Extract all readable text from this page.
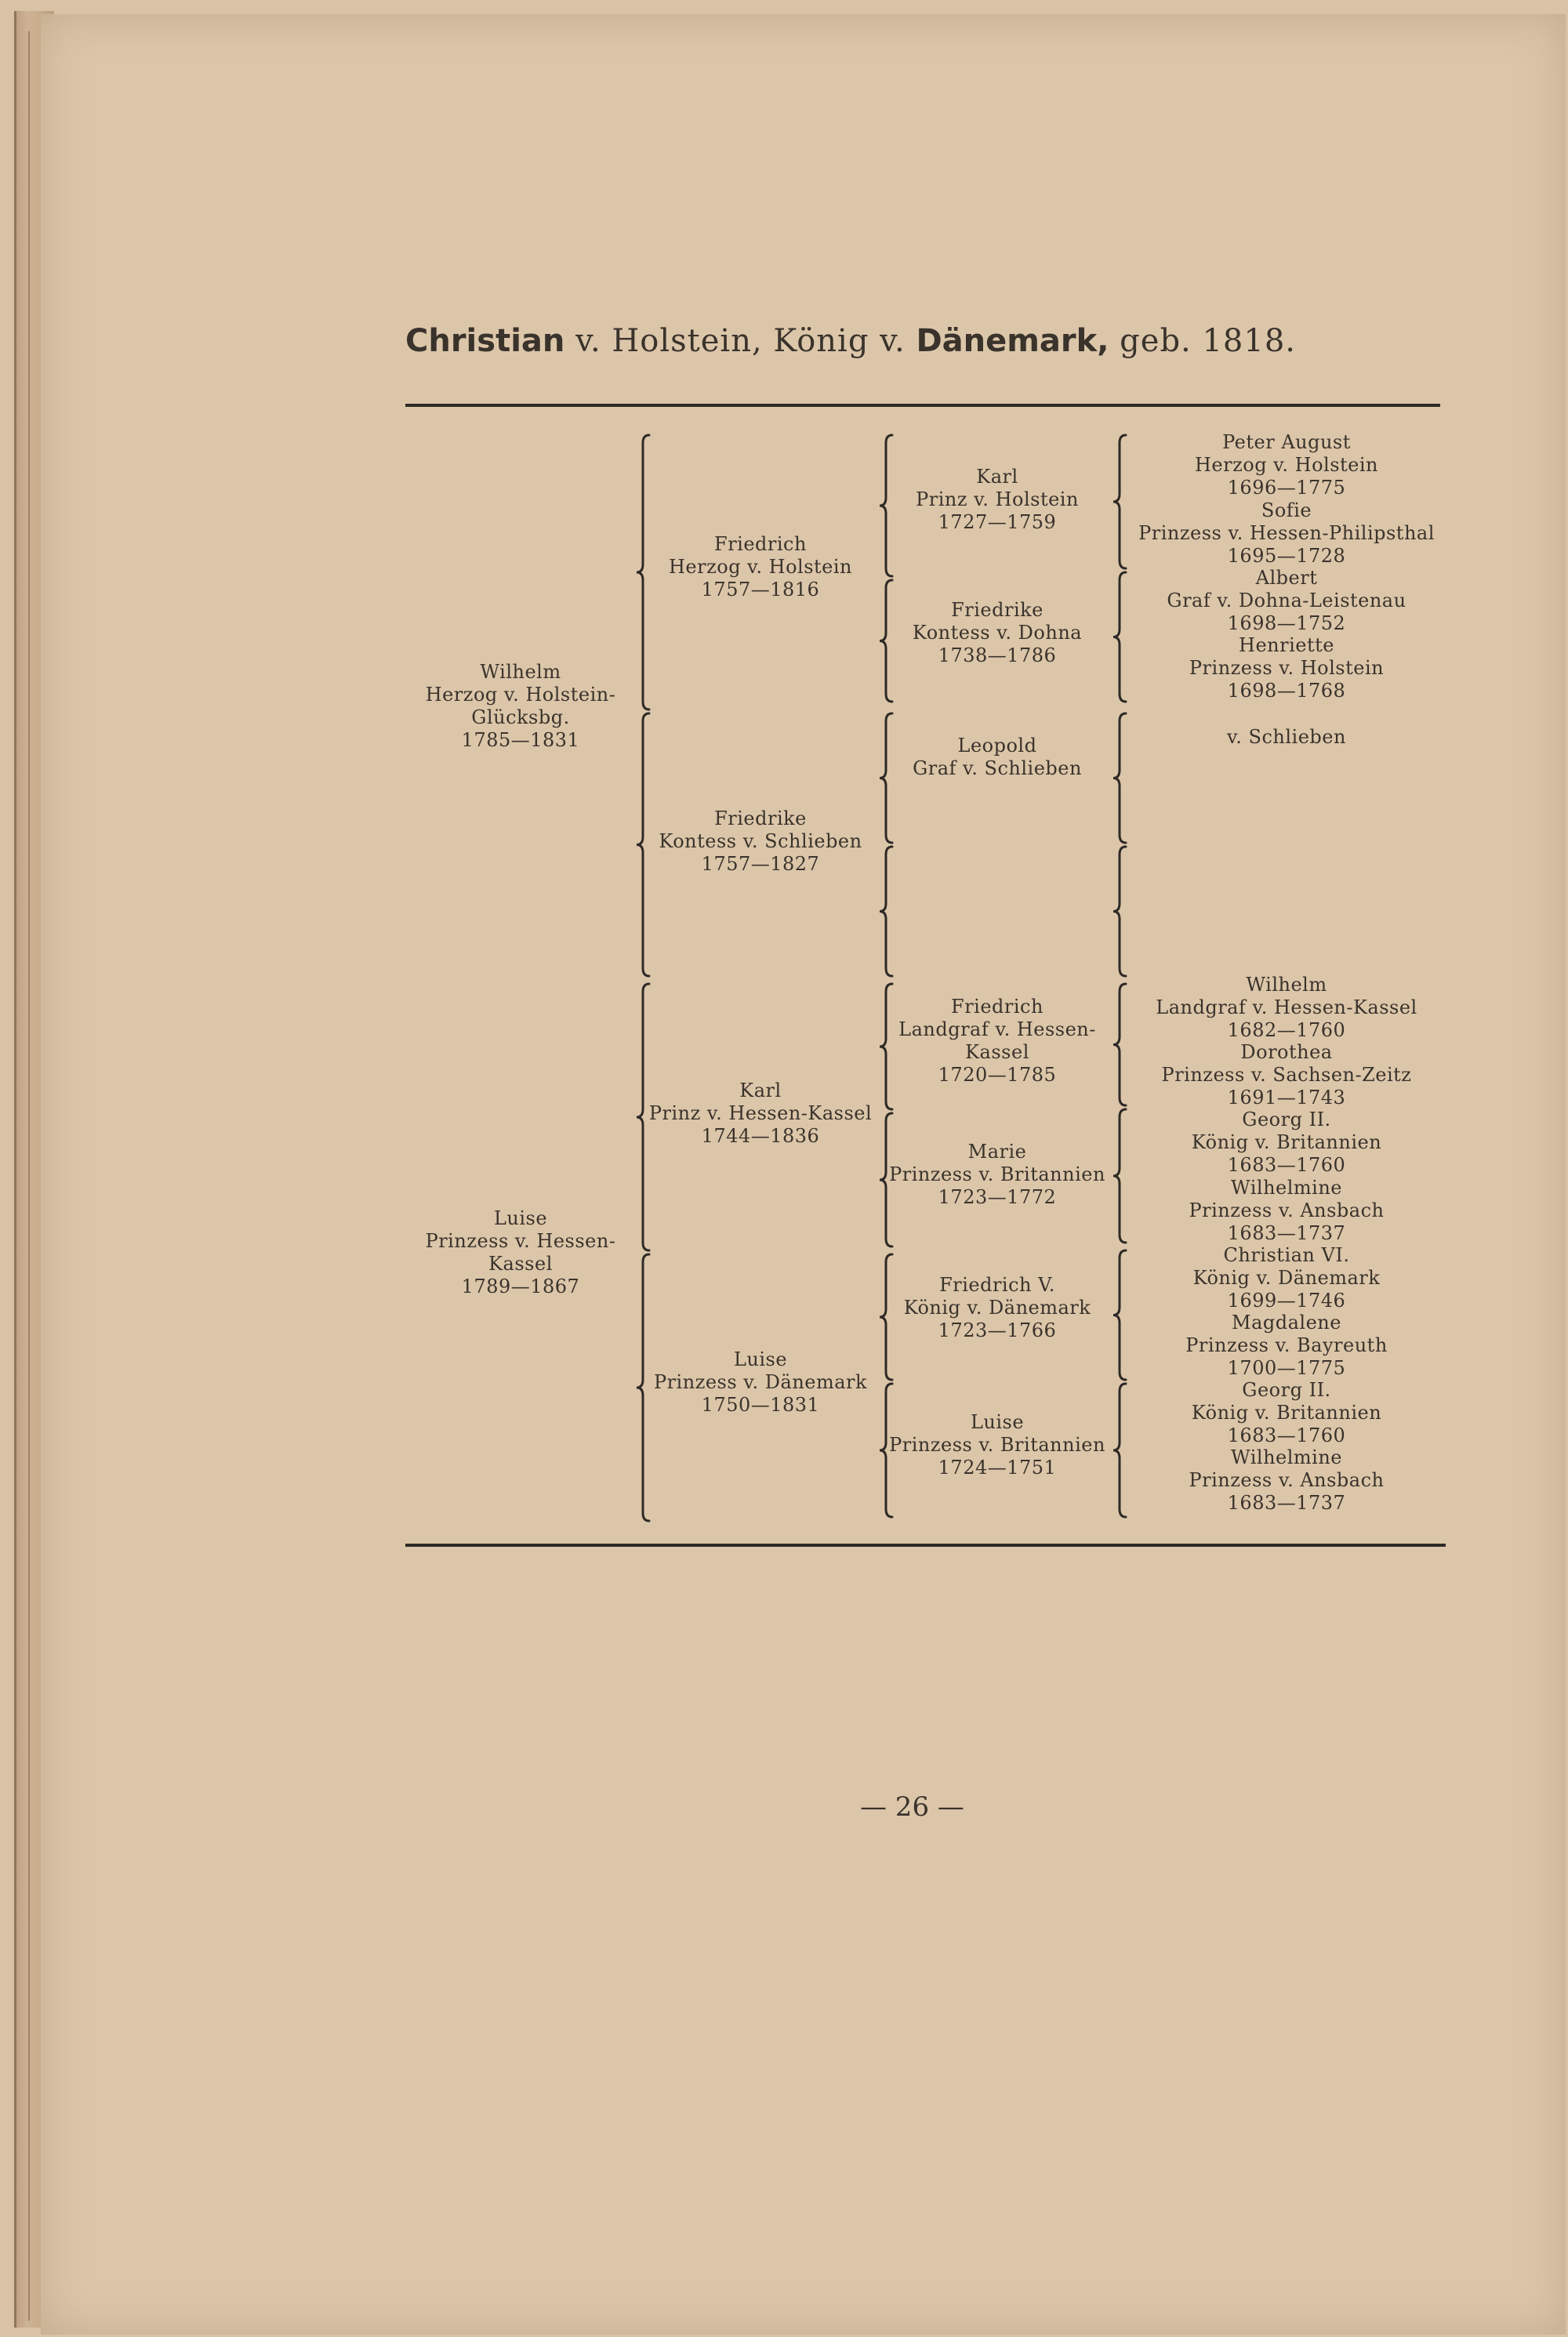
Christian v. Holstein, König v. Dänemark, geb. 1818.
Wilhelm
Herzog v. Holstein-
Glücksbg.
1785—1831
Luise
Prinzess v. Hessen-
Kassel
1789—1867
Friedrich
Herzog v. Holstein
1757—1816
Friedrike
Kontess v. Schlieben
1757—1827
Karl
Prinz v. Hessen-Kassel
1744—1836
Luise
Prinzess v. Dänemark
1750—1831
Karl
Prinz v. Holstein
1727—1759
Friedrike
Kontess v. Dohna
1738—1786
Leopold
Graf v. Schlieben
Friedrich
Landgraf v. Hessen-
Kassel
1720—1785
Marie
Prinzess v. Britannien
1723—1772
Friedrich V.
König v. Dänemark
1723—1766
Luise
Prinzess v. Britannien
1724—1751
Peter August
Herzog v. Holstein
1696—1775
Sofie
Prinzess v. Hessen-Philipsthal
1695—1728
Albert
Graf v. Dohna-Leistenau
1698—1752
Henriette
Prinzess v. Holstein
1698—1768
v. Schlieben
Wilhelm
Landgraf v. Hessen-Kassel
1682—1760
Dorothea
Prinzess v. Sachsen-Zeitz
1691—1743
Georg II.
König v. Britannien
1683—1760
Wilhelmine
Prinzess v. Ansbach
1683—1737
Christian VI.
König v. Dänemark
1699—1746
Magdalene
Prinzess v. Bayreuth
1700—1775
Georg II.
König v. Britannien
1683—1760
Wilhelmine
Prinzess v. Ansbach
1683—1737
— 26 —
